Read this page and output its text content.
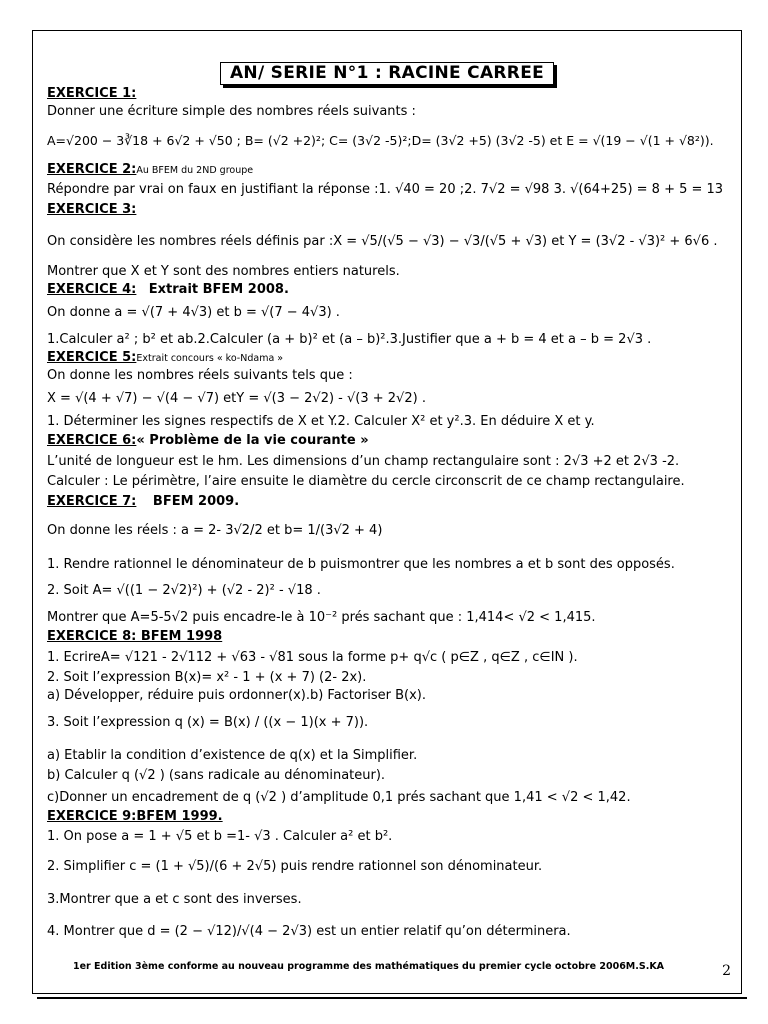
AN/ SERIE N°1 : RACINE CARREE
EXERCICE 1:
Donner une écriture simple des nombres réels suivants :
A=√200 − 3∛18 + 6√2 + √50 ; B= (√2 +2)²; C= (3√2 -5)²;D= (3√2 +5) (3√2 -5) et E = √(19 − √(1 + √8²)).
EXERCICE 2:Au BFEM du 2ND groupe
Répondre par vrai on faux en justifiant la réponse :1. √40 = 20 ;2. 7√2 = √98 3. √(64+25) = 8 + 5 = 13
EXERCICE 3:
On considère les nombres réels définis par :X = √5/(√5 − √3) − √3/(√5 + √3) et Y = (3√2 - √3)² + 6√6 .
Montrer que X et Y sont des nombres entiers naturels.
EXERCICE 4: Extrait BFEM 2008.
On donne a = √(7 + 4√3) et b = √(7 − 4√3) .
1.Calculer a² ; b² et ab.2.Calculer (a + b)² et (a – b)².3.Justifier que a + b = 4 et a – b = 2√3 .
EXERCICE 5:Extrait concours « ko-Ndama »
On donne les nombres réels suivants tels que :
X = √(4 + √7) − √(4 − √7) etY = √(3 − 2√2) - √(3 + 2√2) .
1. Déterminer les signes respectifs de X et Y.2. Calculer X² et y².3. En déduire X et y.
EXERCICE 6:« Problème de la vie courante »
L’unité de longueur est le hm. Les dimensions d’un champ rectangulaire sont : 2√3 +2 et 2√3 -2.
Calculer : Le périmètre, l’aire ensuite le diamètre du cercle circonscrit de ce champ rectangulaire.
EXERCICE 7: BFEM 2009.
On donne les réels : a = 2- 3√2/2 et b= 1/(3√2 + 4)
1. Rendre rationnel le dénominateur de b puismontrer que les nombres a et b sont des opposés.
2. Soit A= √((1 − 2√2)²) + (√2 - 2)² - √18 .
Montrer que A=5-5√2 puis encadre-le à 10⁻² prés sachant que : 1,414< √2 < 1,415.
EXERCICE 8: BFEM 1998
1. EcrireA= √121 - 2√112 + √63 - √81 sous la forme p+ q√c ( p∈Z , q∈Z , c∈IN ).
2. Soit l’expression B(x)= x² - 1 + (x + 7) (2- 2x).
a) Développer, réduire puis ordonner(x).b) Factoriser B(x).
3. Soit l’expression q (x) = B(x) / ((x − 1)(x + 7)).
a) Etablir la condition d’existence de q(x) et la Simplifier.
b) Calculer q (√2 ) (sans radicale au dénominateur).
c)Donner un encadrement de q (√2 ) d’amplitude 0,1 prés sachant que 1,41 < √2 < 1,42.
EXERCICE 9:BFEM 1999.
1. On pose a = 1 + √5 et b =1- √3 . Calculer a² et b².
2. Simplifier c = (1 + √5)/(6 + 2√5) puis rendre rationnel son dénominateur.
3.Montrer que a et c sont des inverses.
4. Montrer que d = (2 − √12)/√(4 − 2√3) est un entier relatif qu’on déterminera.
1er Edition 3ème conforme au nouveau programme des mathématiques du premier cycle octobre 2006M.S.KA	2
